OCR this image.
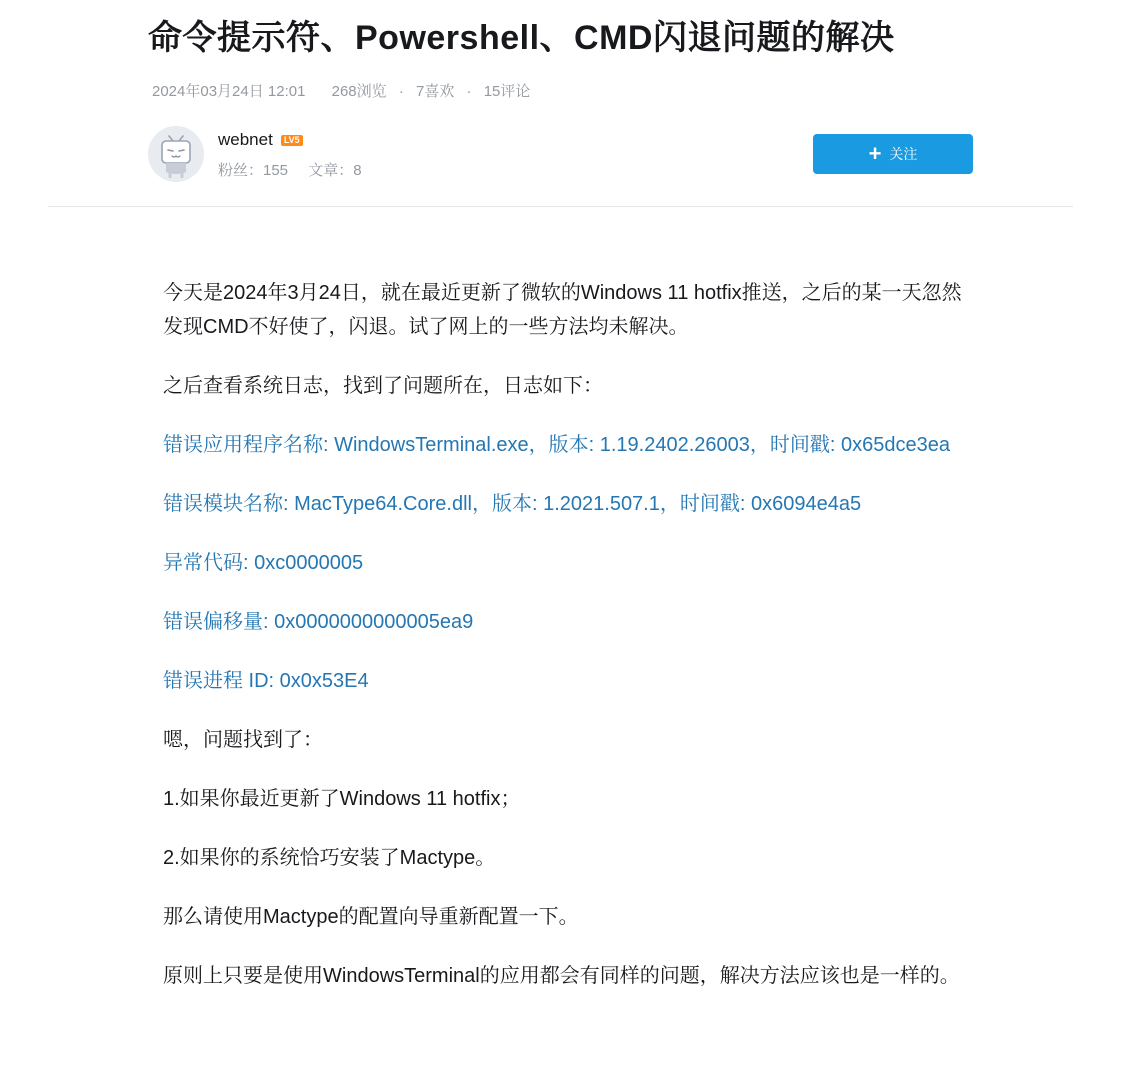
命令提示符、Powershell、CMD闪退问题的解决
2024年03月24日 12:01 268浏览 · 7喜欢 · 15评论
webnet LV5
粉丝：155 文章：8
+ 关注

今天是2024年3月24日，就在最近更新了微软的Windows 11 hotfix推送，之后的某一天忽然发现CMD不好使了，闪退。试了网上的一些方法均未解决。

之后查看系统日志，找到了问题所在，日志如下：

错误应用程序名称: WindowsTerminal.exe，版本: 1.19.2402.26003，时间戳: 0x65dce3ea

错误模块名称: MacType64.Core.dll，版本: 1.2021.507.1，时间戳: 0x6094e4a5

异常代码: 0xc0000005

错误偏移量: 0x0000000000005ea9

错误进程 ID: 0x0x53E4

嗯，问题找到了：

1.如果你最近更新了Windows 11 hotfix；

2.如果你的系统恰巧安装了Mactype。

那么请使用Mactype的配置向导重新配置一下。

原则上只要是使用WindowsTerminal的应用都会有同样的问题，解决方法应该也是一样的。
